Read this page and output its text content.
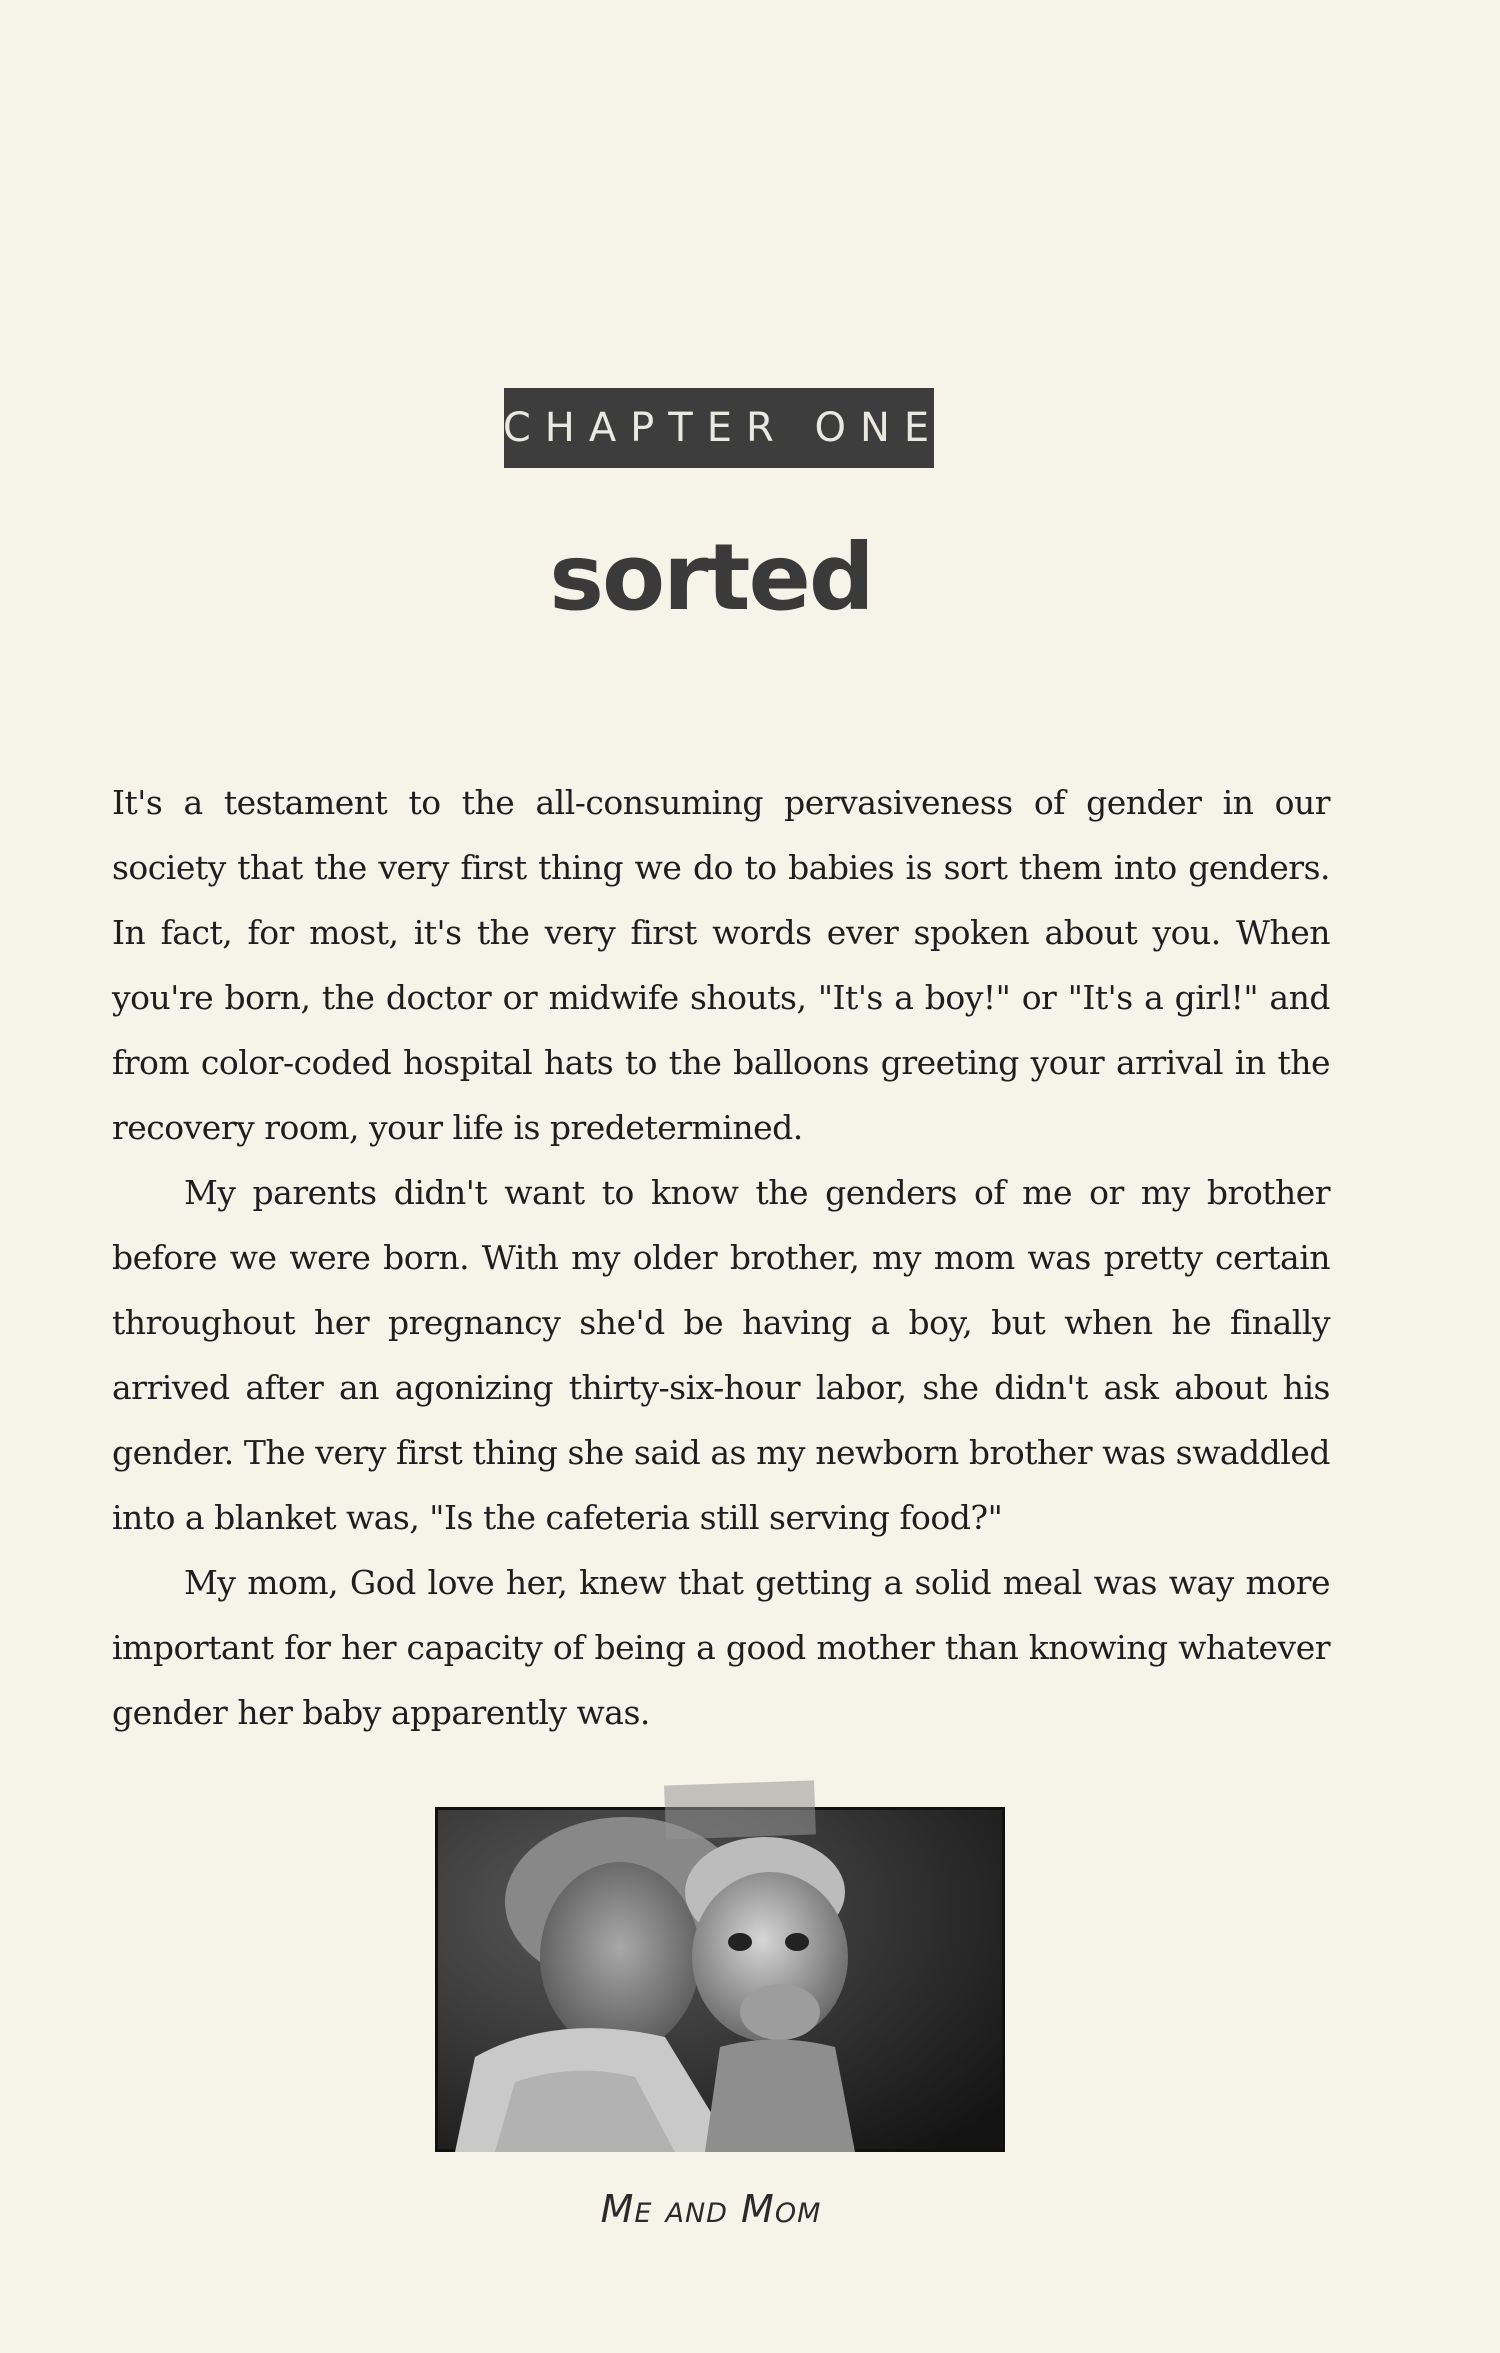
CHAPTER ONE
sorted

It's a testament to the all-consuming pervasiveness of gender in our society that the very first thing we do to babies is sort them into genders. In fact, for most, it's the very first words ever spoken about you. When you're born, the doctor or midwife shouts, "It's a boy!" or "It's a girl!" and from color-coded hospital hats to the balloons greeting your arrival in the recovery room, your life is predetermined.

My parents didn't want to know the genders of me or my brother before we were born. With my older brother, my mom was pretty certain throughout her pregnancy she'd be having a boy, but when he finally arrived after an agonizing thirty-six-hour labor, she didn't ask about his gender. The very first thing she said as my newborn brother was swaddled into a blanket was, "Is the cafeteria still serving food?"

My mom, God love her, knew that getting a solid meal was way more important for her capacity of being a good mother than knowing whatever gender her baby apparently was.

Me and Mom
